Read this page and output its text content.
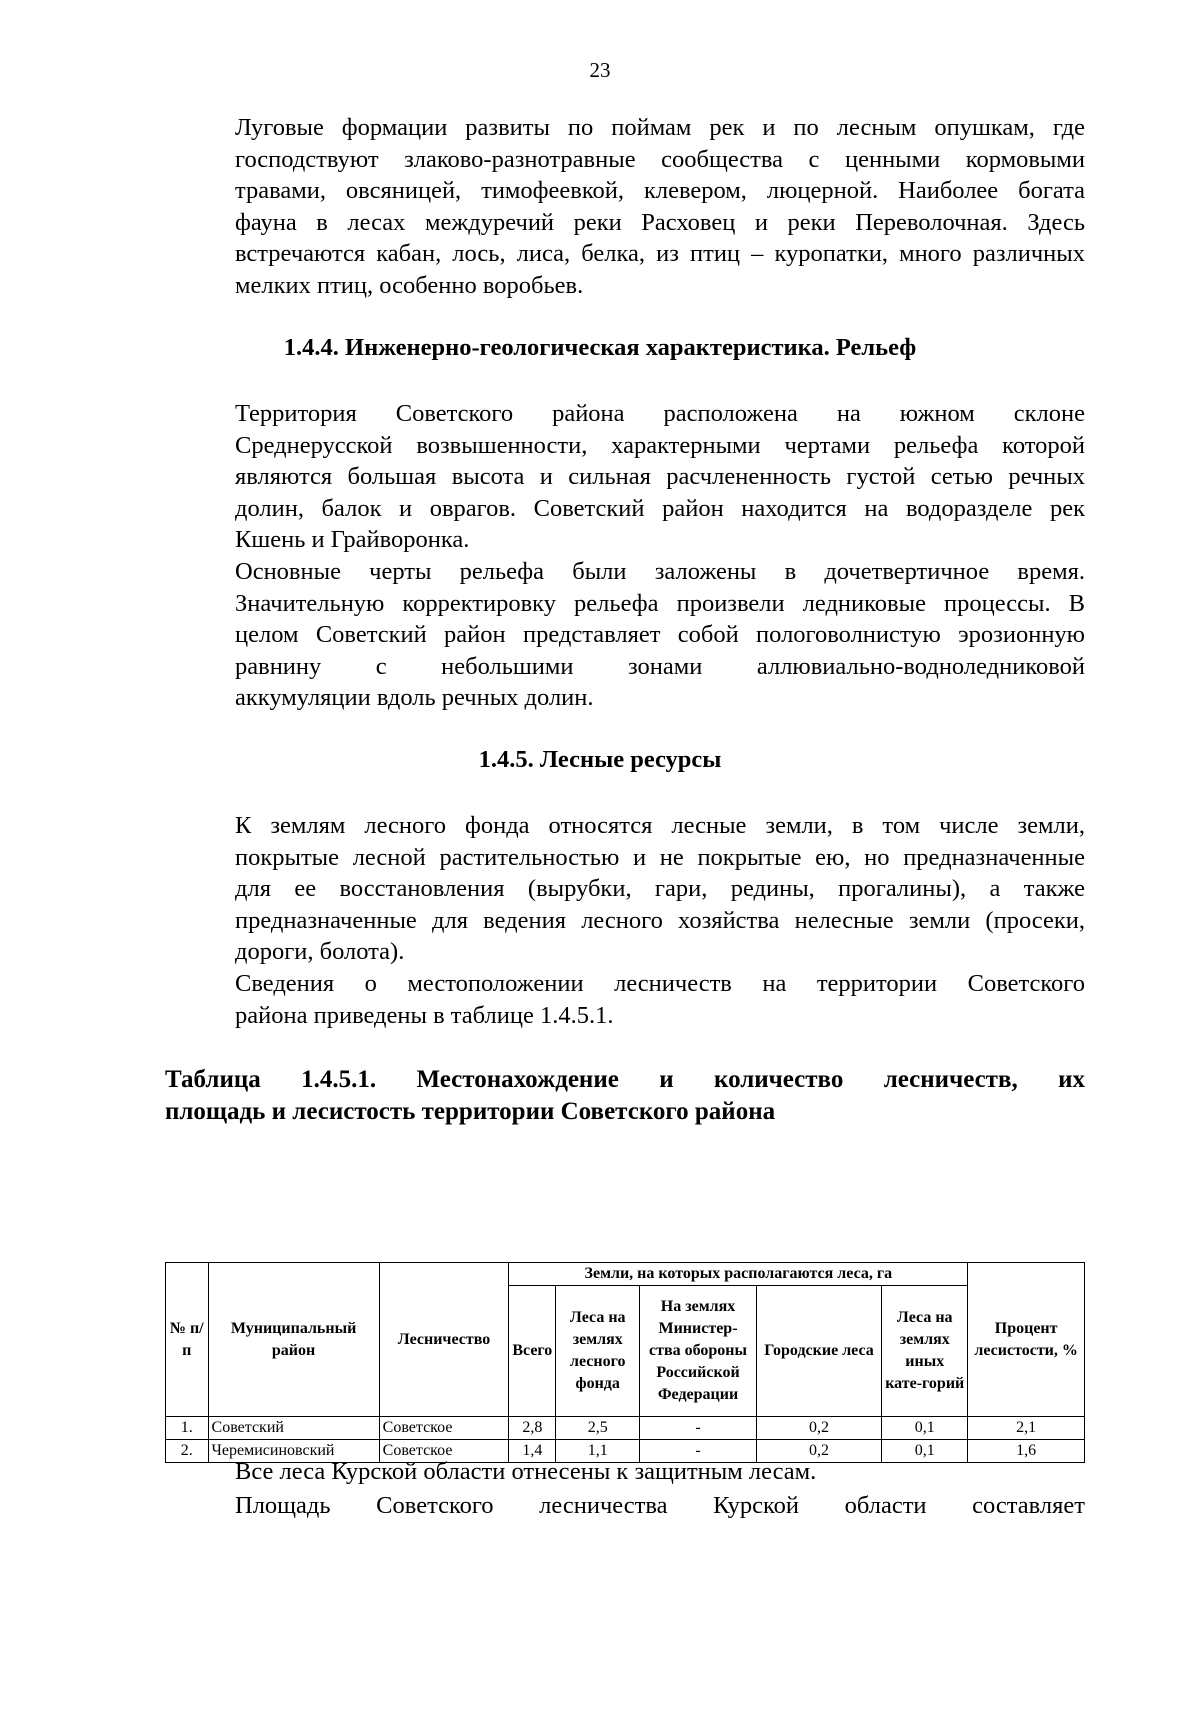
23
Луговые формации развиты по поймам рек и по лесным опушкам, где
господствуют злаково-разнотравные сообщества с ценными кормовыми
травами, овсяницей, тимофеевкой, клевером, люцерной. Наиболее богата
фауна в лесах междуречий реки Расховец и реки Переволочная. Здесь
встречаются кабан, лось, лиса, белка, из птиц – куропатки, много различных
мелких птиц, особенно воробьев.
1.4.4. Инженерно-геологическая характеристика. Рельеф
Территория Советского района расположена на южном склоне
Среднерусской возвышенности, характерными чертами рельефа которой
являются большая высота и сильная расчлененность густой сетью речных
долин, балок и оврагов. Советский район находится на водоразделе рек
Кшень и Грайворонка.
Основные черты рельефа были заложены в дочетвертичное время.
Значительную корректировку рельефа произвели ледниковые процессы. В
целом Советский район представляет собой пологоволнистую эрозионную
равнину с небольшими зонами аллювиально-водноледниковой
аккумуляции вдоль речных долин.
1.4.5. Лесные ресурсы
К землям лесного фонда относятся лесные земли, в том числе земли,
покрытые лесной растительностью и не покрытые ею, но предназначенные
для ее восстановления (вырубки, гари, редины, прогалины), а также
предназначенные для ведения лесного хозяйства нелесные земли (просеки,
дороги, болота).
Сведения о местоположении лесничеств на территории Советского
района приведены в таблице 1.4.5.1.
Таблица 1.4.5.1. Местонахождение и количество лесничеств, их
площадь и лесистость территории Советского района
№ п/п	Муниципальный район	Лесничество	Земли, на которых располагаются леса, га					Процент лесистости, %
			Всего	Леса на землях лесного фонда	На землях Министер-ства обороны Российской Федерации	Городские леса	Леса на землях иных кате-горий	
1.	Советский	Советское	2,8	2,5	-	0,2	0,1	2,1
2.	Черемисиновский	Советское	1,4	1,1	-	0,2	0,1	1,6
Все леса Курской области отнесены к защитным лесам.
Площадь Советского лесничества Курской области составляет
